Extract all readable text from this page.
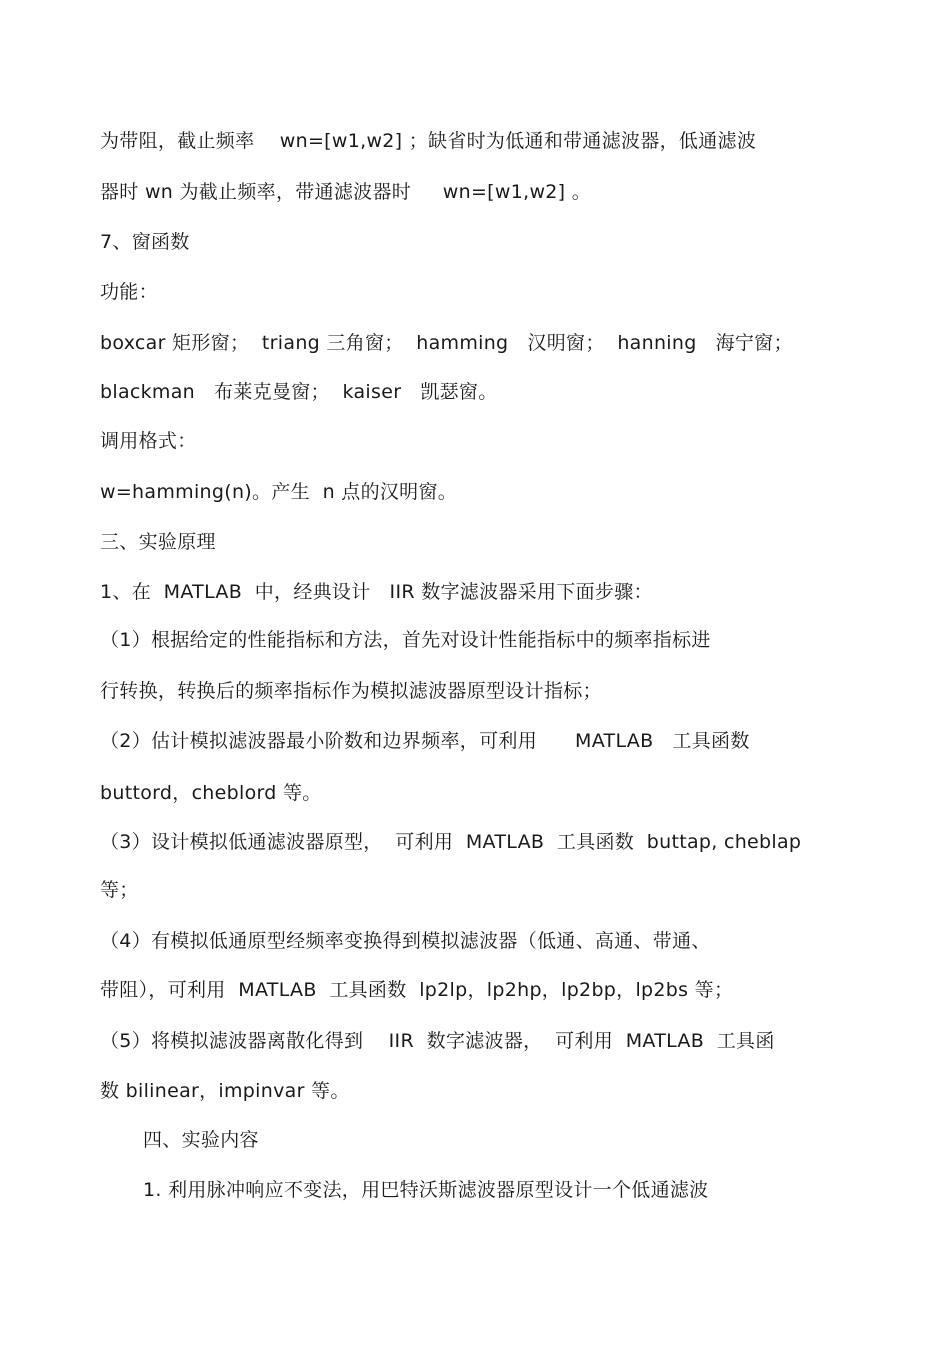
为带阻，截止频率    wn=[w1,w2] ；缺省时为低通和带通滤波器，低通滤波
器时 wn 为截止频率，带通滤波器时     wn=[w1,w2] 。
7、窗函数
功能：
boxcar 矩形窗；  triang 三角窗；  hamming   汉明窗；  hanning   海宁窗；
blackman   布莱克曼窗；  kaiser   凯瑟窗。
调用格式：
w=hamming(n)。产生  n 点的汉明窗。
三、实验原理
1、在  MATLAB  中，经典设计   IIR 数字滤波器采用下面步骤：
（1）根据给定的性能指标和方法，首先对设计性能指标中的频率指标进
行转换，转换后的频率指标作为模拟滤波器原型设计指标；
（2）估计模拟滤波器最小阶数和边界频率，可利用      MATLAB   工具函数
buttord，cheblord 等。
（3）设计模拟低通滤波器原型，  可利用  MATLAB  工具函数  buttap, cheblap
等；
（4）有模拟低通原型经频率变换得到模拟滤波器（低通、高通、带通、
带阻），可利用  MATLAB  工具函数  lp2lp，lp2hp，lp2bp，lp2bs 等；
（5）将模拟滤波器离散化得到    IIR  数字滤波器，  可利用  MATLAB  工具函
数 bilinear，impinvar 等。
四、实验内容
1. 利用脉冲响应不变法，用巴特沃斯滤波器原型设计一个低通滤波
